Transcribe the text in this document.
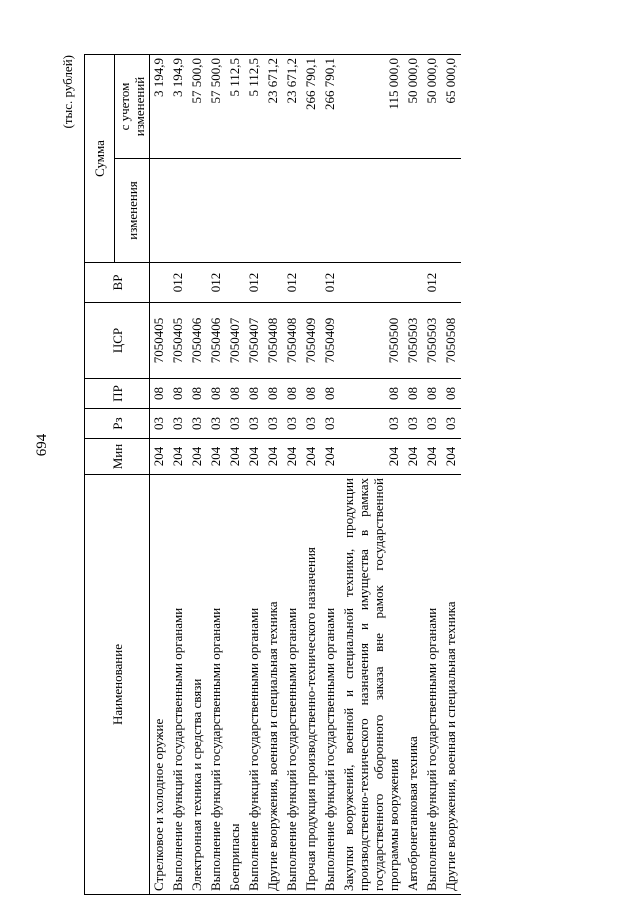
694
(тыс. рублей)
Наименование	Мин	Рз	ПР	ЦСР	ВР	Сумма	
						изменения	с учетом изменений
Стрелковое и холодное оружие	204	03	08	7050405			3 194,9
Выполнение функций государственными органами	204	03	08	7050405	012		3 194,9
Электронная техника и средства связи	204	03	08	7050406			57 500,0
Выполнение функций государственными органами	204	03	08	7050406	012		57 500,0
Боеприпасы	204	03	08	7050407			5 112,5
Выполнение функций государственными органами	204	03	08	7050407	012		5 112,5
Другие вооружения, военная и специальная техника	204	03	08	7050408			23 671,2
Выполнение функций государственными органами	204	03	08	7050408	012		23 671,2
Прочая продукция производственно-технического назначения	204	03	08	7050409			266 790,1
Выполнение функций государственными органами	204	03	08	7050409	012		266 790,1
Закупки вооружений, военной и специальной техники, продукции производственно-технического назначения и имущества в рамках государственного оборонного заказа вне рамок государственной программы вооружения	204	03	08	7050500			115 000,0
Автобронетанковая техника	204	03	08	7050503			50 000,0
Выполнение функций государственными органами	204	03	08	7050503	012		50 000,0
Другие вооружения, военная и специальная техника	204	03	08	7050508			65 000,0
